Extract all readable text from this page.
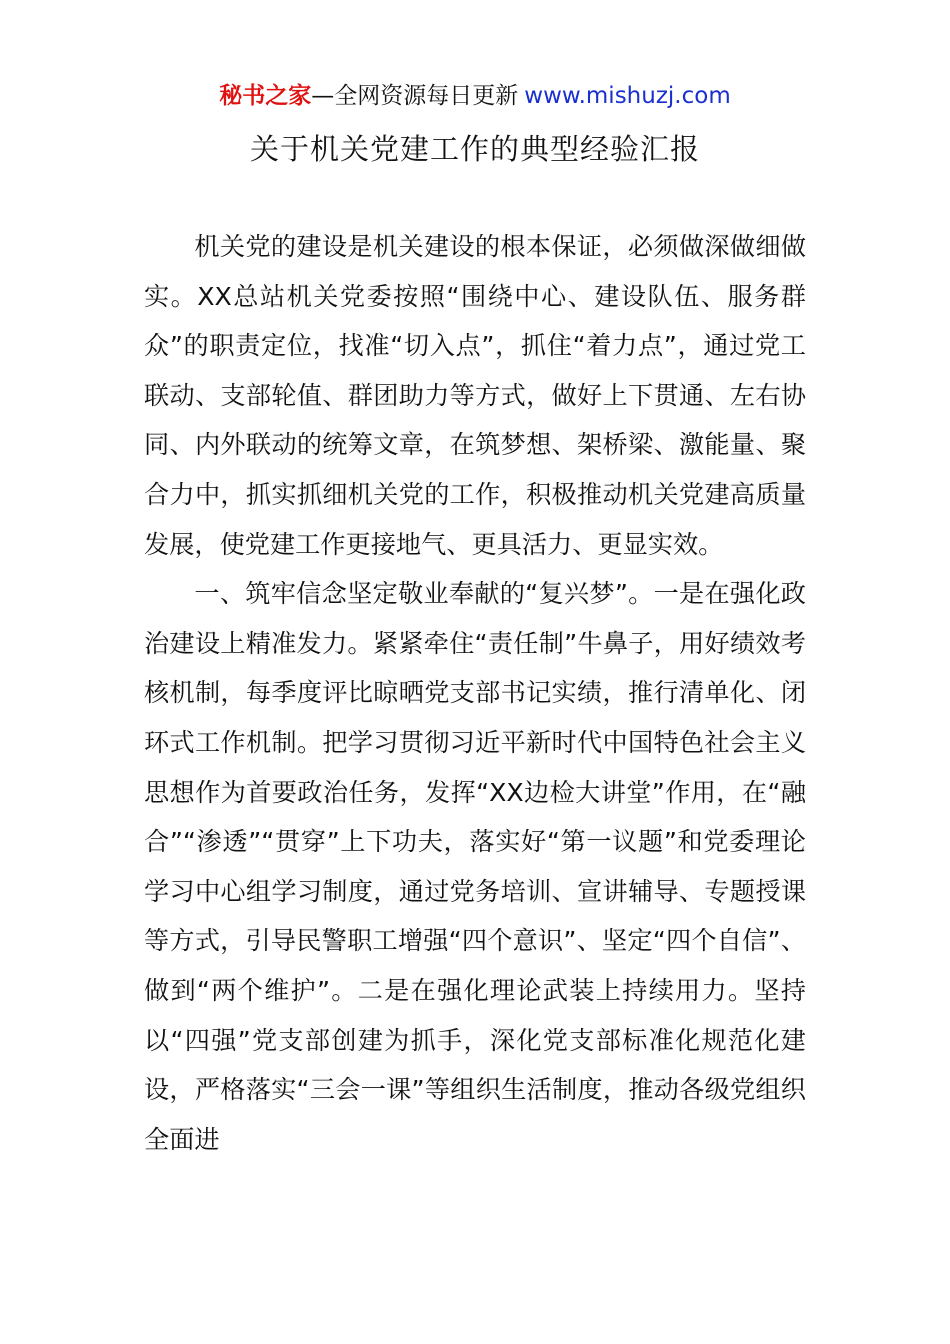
秘书之家—全网资源每日更新 www.mishuzj.com
关于机关党建工作的典型经验汇报

机关党的建设是机关建设的根本保证，必须做深做细做实。XX总站机关党委按照“围绕中心、建设队伍、服务群众”的职责定位，找准“切入点”，抓住“着力点”，通过党工联动、支部轮值、群团助力等方式，做好上下贯通、左右协同、内外联动的统筹文章，在筑梦想、架桥梁、激能量、聚合力中，抓实抓细机关党的工作，积极推动机关党建高质量发展，使党建工作更接地气、更具活力、更显实效。

一、筑牢信念坚定敬业奉献的“复兴梦”。一是在强化政治建设上精准发力。紧紧牵住“责任制”牛鼻子，用好绩效考核机制，每季度评比晾晒党支部书记实绩，推行清单化、闭环式工作机制。把学习贯彻习近平新时代中国特色社会主义思想作为首要政治任务，发挥“XX边检大讲堂”作用，在“融合”“渗透”“贯穿”上下功夫，落实好“第一议题”和党委理论学习中心组学习制度，通过党务培训、宣讲辅导、专题授课等方式，引导民警职工增强“四个意识”、坚定“四个自信”、做到“两个维护”。二是在强化理论武装上持续用力。坚持以“四强”党支部创建为抓手，深化党支部标准化规范化建设，严格落实“三会一课”等组织生活制度，推动各级党组织全面进
